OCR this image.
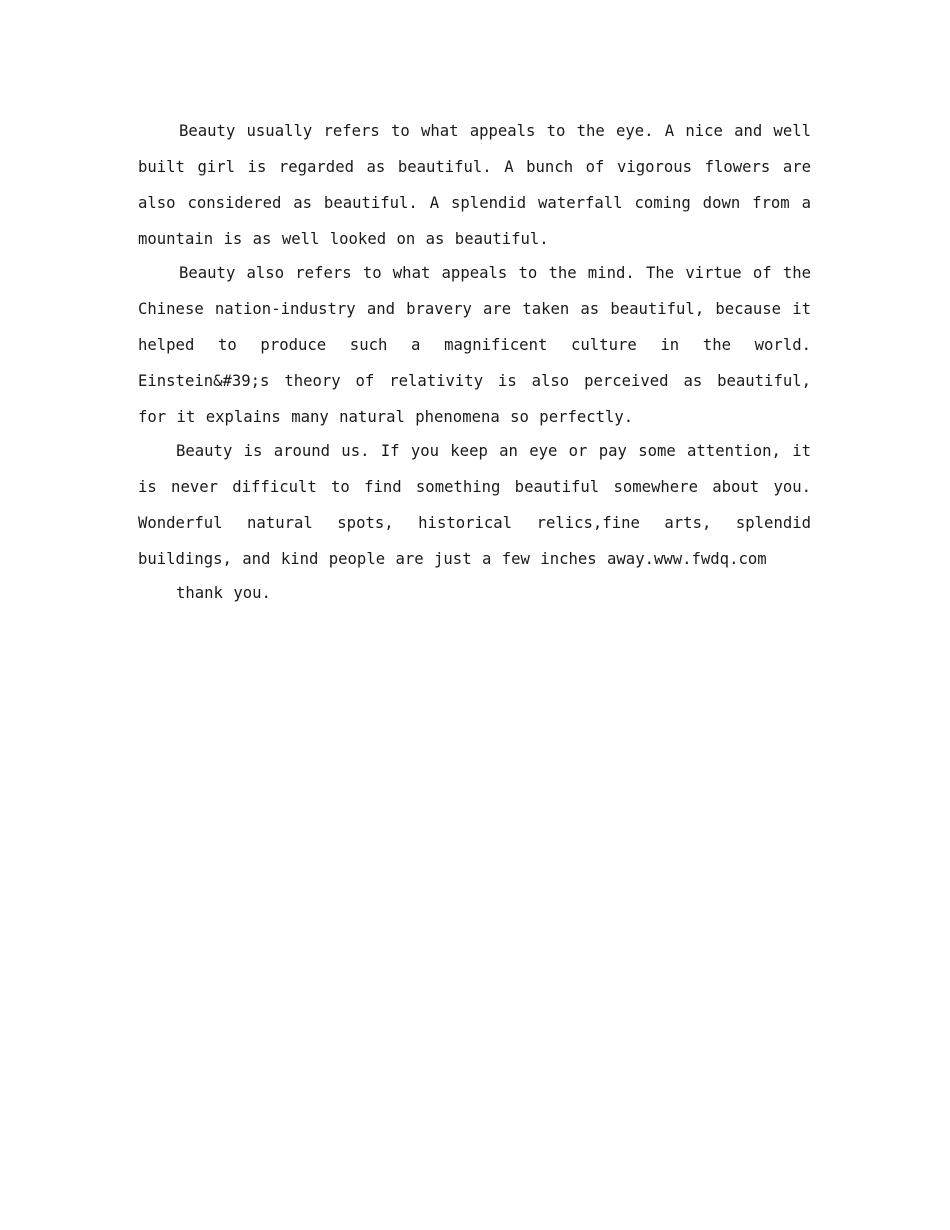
Beauty usually refers to what appeals to the eye. A nice and well built girl is regarded as beautiful. A bunch of vigorous flowers are also considered as beautiful. A splendid waterfall coming down from a mountain is as well looked on as beautiful.

Beauty also refers to what appeals to the mind. The virtue of the Chinese nation-industry and bravery are taken as beautiful, because it helped to produce such a magnificent culture in the world. Einstein&#39;s theory of relativity is also perceived as beautiful, for it explains many natural phenomena so perfectly.

Beauty is around us. If you keep an eye or pay some attention, it is never difficult to find something beautiful somewhere about you. Wonderful natural spots, historical relics,fine arts, splendid buildings, and kind people are just a few inches away.www.fwdq.com

thank you.
